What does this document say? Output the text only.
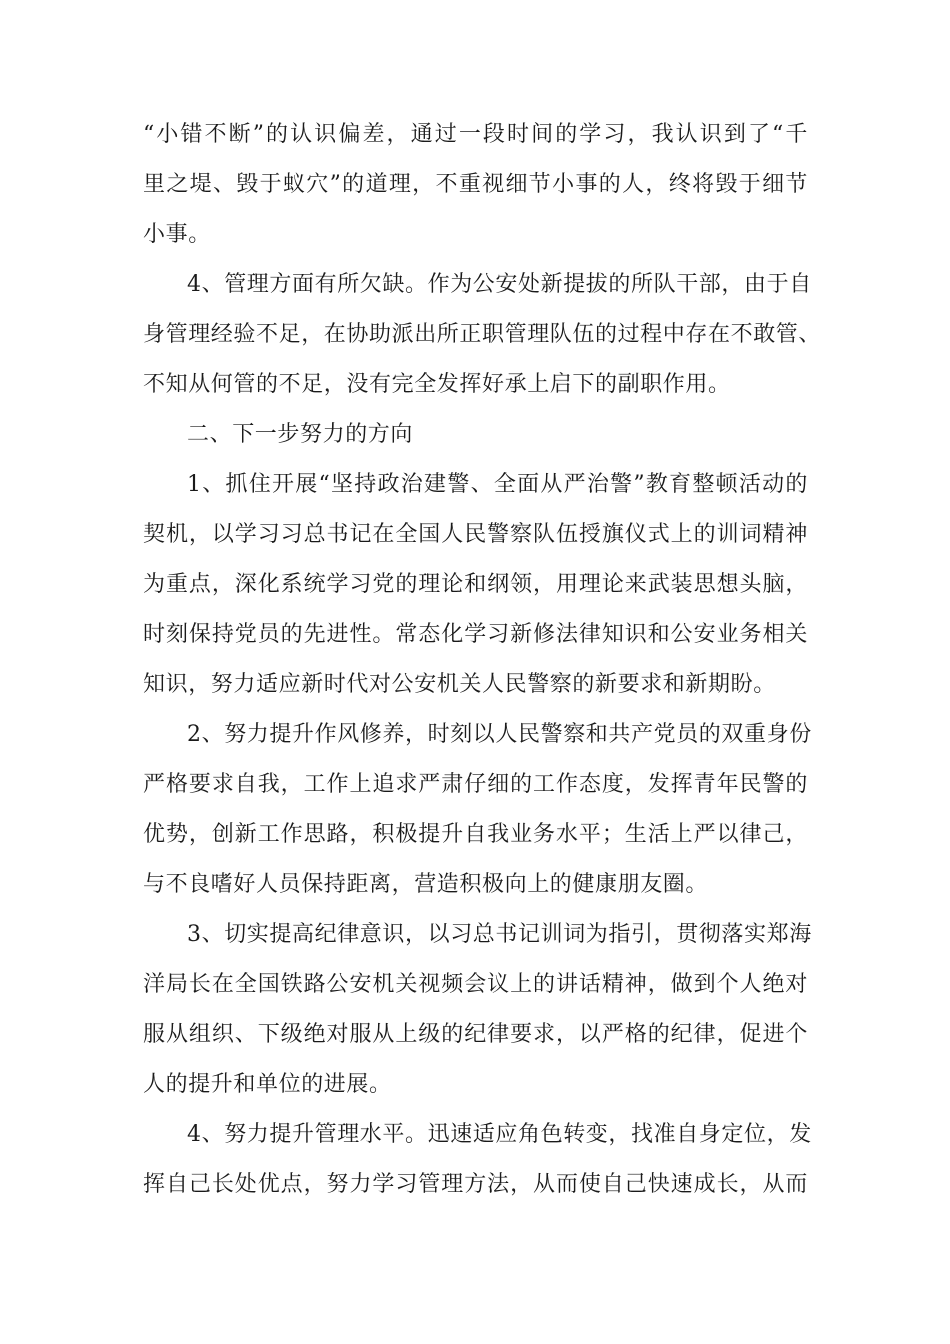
“小错不断”的认识偏差，通过一段时间的学习，我认识到了“千
里之堤、毁于蚁穴”的道理，不重视细节小事的人，终将毁于细节
小事。
4、管理方面有所欠缺。作为公安处新提拔的所队干部，由于自
身管理经验不足，在协助派出所正职管理队伍的过程中存在不敢管、
不知从何管的不足，没有完全发挥好承上启下的副职作用。
二、下一步努力的方向
1、抓住开展“坚持政治建警、全面从严治警”教育整顿活动的
契机，以学习习总书记在全国人民警察队伍授旗仪式上的训词精神
为重点，深化系统学习党的理论和纲领，用理论来武装思想头脑，
时刻保持党员的先进性。常态化学习新修法律知识和公安业务相关
知识，努力适应新时代对公安机关人民警察的新要求和新期盼。
2、努力提升作风修养，时刻以人民警察和共产党员的双重身份
严格要求自我，工作上追求严肃仔细的工作态度，发挥青年民警的
优势，创新工作思路，积极提升自我业务水平；生活上严以律己，
与不良嗜好人员保持距离，营造积极向上的健康朋友圈。
3、切实提高纪律意识，以习总书记训词为指引，贯彻落实郑海
洋局长在全国铁路公安机关视频会议上的讲话精神，做到个人绝对
服从组织、下级绝对服从上级的纪律要求，以严格的纪律，促进个
人的提升和单位的进展。
4、努力提升管理水平。迅速适应角色转变，找准自身定位，发
挥自己长处优点，努力学习管理方法，从而使自己快速成长，从而
